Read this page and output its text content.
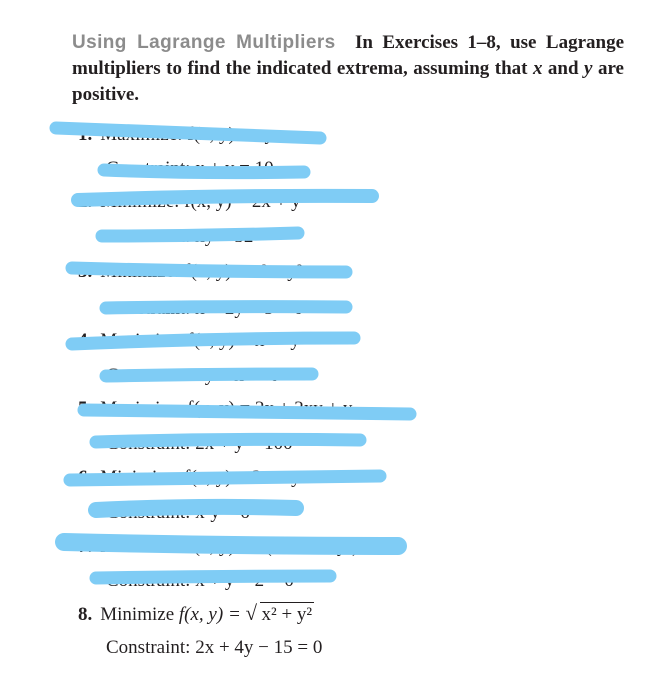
Using Lagrange Multipliers In Exercises 1–8, use Lagrange multipliers to find the indicated extrema, assuming that x and y are positive.
1. Maximize: f(x, y) = xy
Constraint: x + y = 10
2. Minimize: f(x, y) = 2x + y
Constraint: xy = 32
3. Minimize: f(x, y) = x² + y²
Constraint: x + 2y − 5 = 0
4. Maximize: f(x, y) = x² − y²
Constraint: 2y − x² = 0
5. Maximize: f(x, y) = 2x + 2xy + y
Constraint: 2x + y = 100
6. Minimize: f(x, y) = 3x + y + 10
Constraint: x²y = 6
7. Maximize: f(x, y) = √(6 − x² − y²)
Constraint: x + y − 2 = 0
8. Minimize f(x, y) = √ x² + y²
Constraint: 2x + 4y − 15 = 0
